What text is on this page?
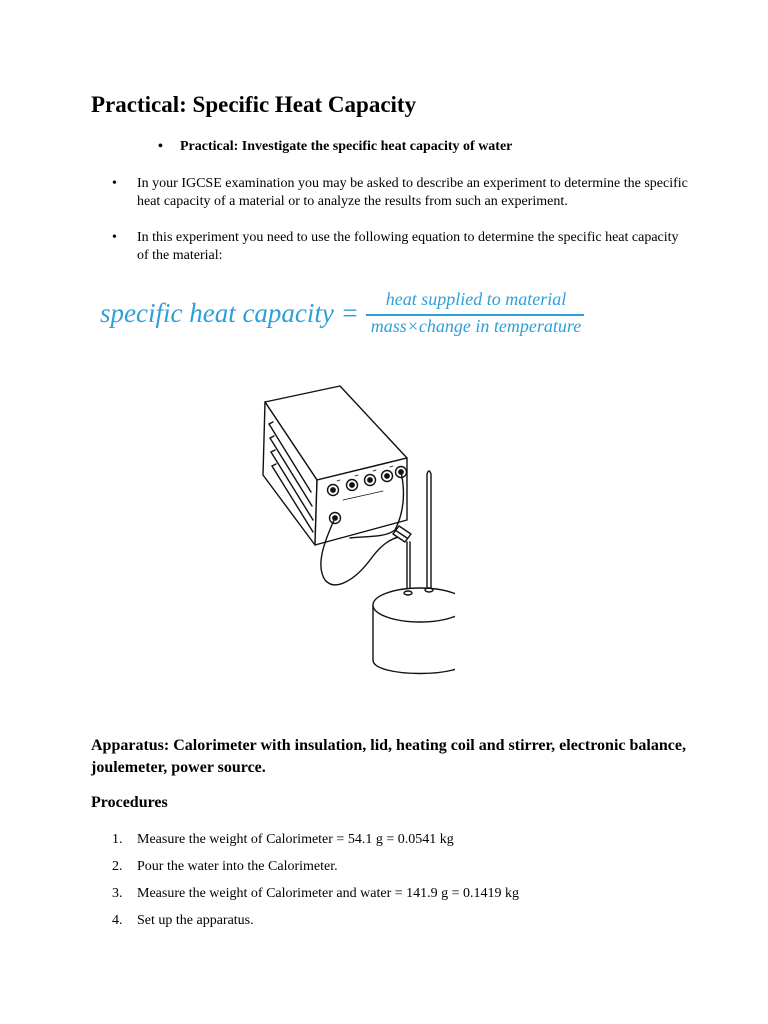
Practical: Specific Heat Capacity
• Practical: Investigate the specific heat capacity of water
• In your IGCSE examination you may be asked to describe an experiment to determine the specific heat capacity of a material or to analyze the results from such an experiment.
• In this experiment you need to use the following equation to determine the specific heat capacity of the material:
specific heat capacity =	heat supplied to material
mass×change in temperature

Apparatus: Calorimeter with insulation, lid, heating coil and stirrer, electronic balance, joulemeter, power source.

Procedures
1. Measure the weight of Calorimeter = 54.1 g = 0.0541 kg
2. Pour the water into the Calorimeter.
3. Measure the weight of Calorimeter and water = 141.9 g = 0.1419 kg
4. Set up the apparatus.
